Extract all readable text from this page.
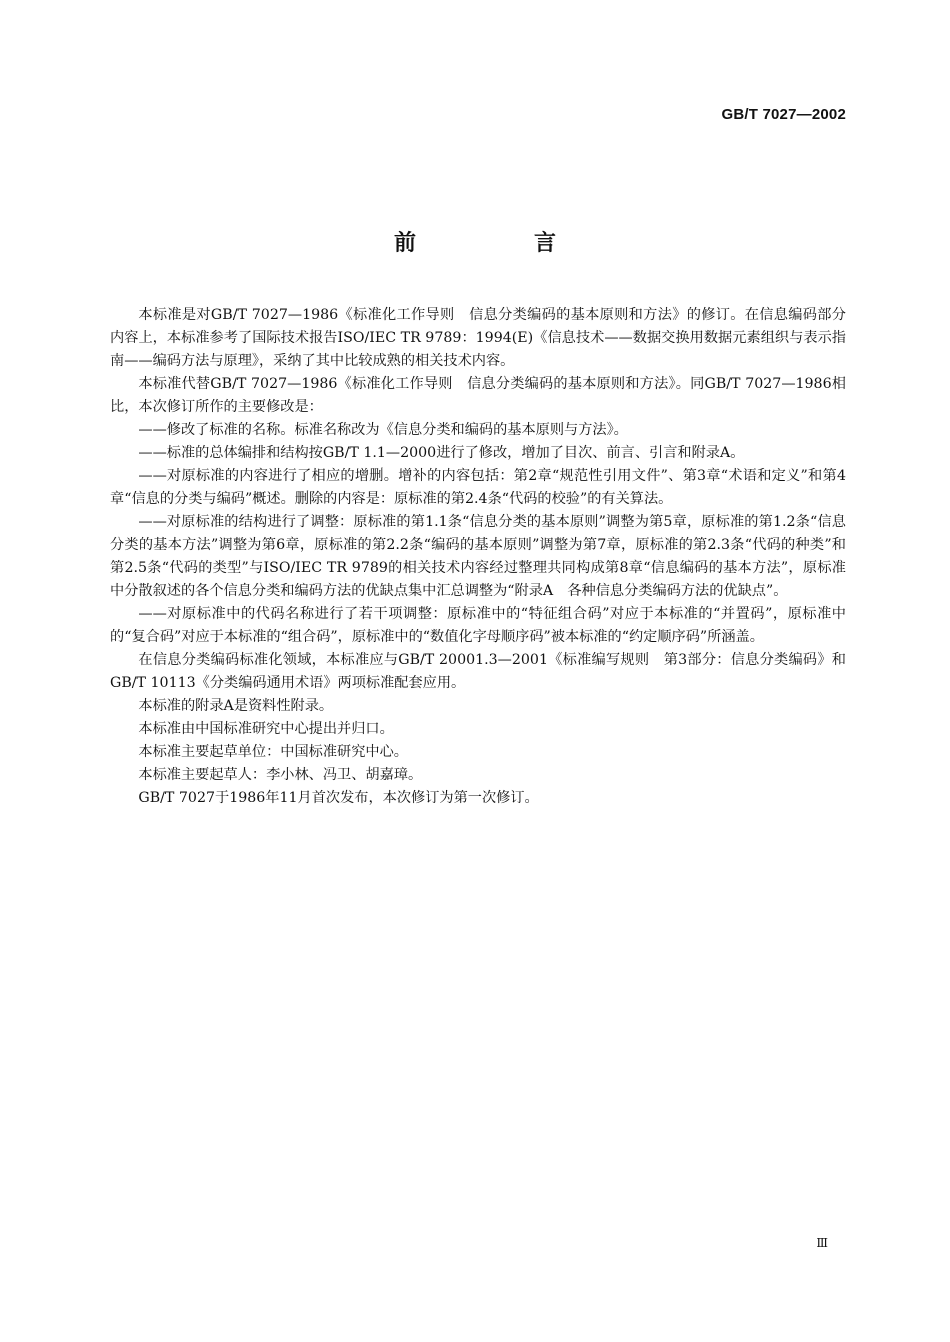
GB/T 7027—2002
前　言

本标准是对GB/T 7027—1986《标准化工作导则　信息分类编码的基本原则和方法》的修订。在信息编码部分内容上，本标准参考了国际技术报告ISO/IEC TR 9789：1994(E)《信息技术——数据交换用数据元素组织与表示指南——编码方法与原理》，采纳了其中比较成熟的相关技术内容。

本标准代替GB/T 7027—1986《标准化工作导则　信息分类编码的基本原则和方法》。同GB/T 7027—1986相比，本次修订所作的主要修改是：

——修改了标准的名称。标准名称改为《信息分类和编码的基本原则与方法》。

——标准的总体编排和结构按GB/T 1.1—2000进行了修改，增加了目次、前言、引言和附录A。

——对原标准的内容进行了相应的增删。增补的内容包括：第2章“规范性引用文件”、第3章“术语和定义”和第4章“信息的分类与编码”概述。删除的内容是：原标准的第2.4条“代码的校验”的有关算法。

——对原标准的结构进行了调整：原标准的第1.1条“信息分类的基本原则”调整为第5章，原标准的第1.2条“信息分类的基本方法”调整为第6章，原标准的第2.2条“编码的基本原则”调整为第7章，原标准的第2.3条“代码的种类”和第2.5条“代码的类型”与ISO/IEC TR 9789的相关技术内容经过整理共同构成第8章“信息编码的基本方法”，原标准中分散叙述的各个信息分类和编码方法的优缺点集中汇总调整为“附录A　各种信息分类编码方法的优缺点”。

——对原标准中的代码名称进行了若干项调整：原标准中的“特征组合码”对应于本标准的“并置码”，原标准中的“复合码”对应于本标准的“组合码”，原标准中的“数值化字母顺序码”被本标准的“约定顺序码”所涵盖。

在信息分类编码标准化领域，本标准应与GB/T 20001.3—2001《标准编写规则　第3部分：信息分类编码》和GB/T 10113《分类编码通用术语》两项标准配套应用。

本标准的附录A是资料性附录。

本标准由中国标准研究中心提出并归口。

本标准主要起草单位：中国标准研究中心。

本标准主要起草人：李小林、冯卫、胡嘉璋。

GB/T 7027于1986年11月首次发布，本次修订为第一次修订。

Ⅲ
